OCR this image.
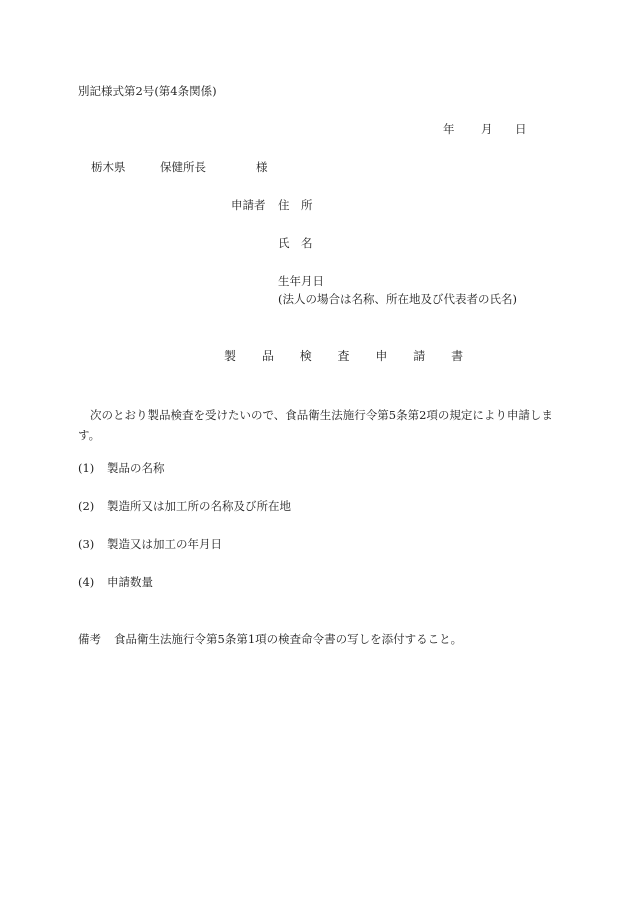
別記様式第2号(第4条関係)
年 月 日
栃木県	保健所長	様
申請者 住　所
氏　名
生年月日
(法人の場合は名称、所在地及び代表者の氏名)
製 品 検 査 申 請 書
次のとおり製品検査を受けたいので、食品衛生法施行令第5条第2項の規定により申請します。
(1) 製品の名称
(2) 製造所又は加工所の名称及び所在地
(3) 製造又は加工の年月日
(4) 申請数量
備考 食品衛生法施行令第5条第1項の検査命令書の写しを添付すること。
